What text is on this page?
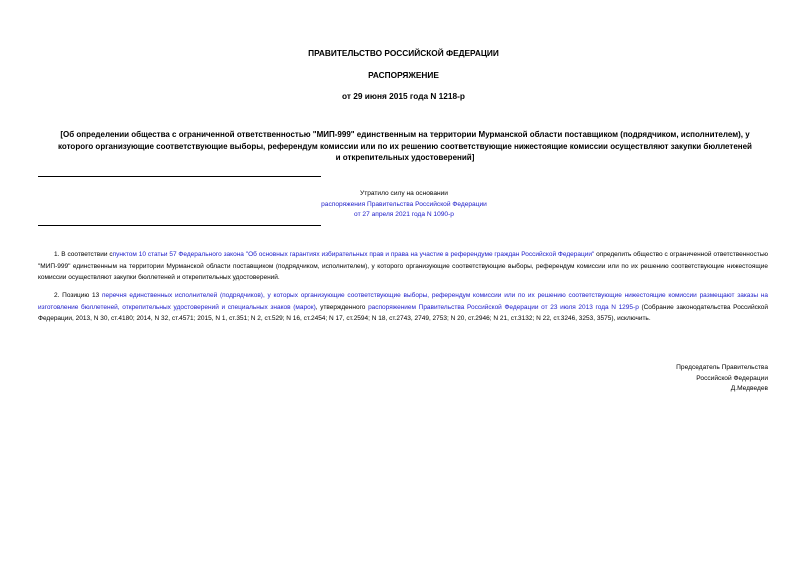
ПРАВИТЕЛЬСТВО РОССИЙСКОЙ ФЕДЕРАЦИИ

РАСПОРЯЖЕНИЕ

от 29 июня 2015 года N 1218-р

[Об определении общества с ограниченной ответственностью "МИП-999" единственным на территории Мурманской области поставщиком (подрядчиком, исполнителем), у которого организующие соответствующие выборы, референдум комиссии или по их решению соответствующие нижестоящие комиссии осуществляют закупки бюллетеней и открепительных удостоверений]

Утратило силу на основании
распоряжения Правительства Российской Федерации
от 27 апреля 2021 года N 1090-р

1. В соответствии спунктом 10 статьи 57 Федерального закона "Об основных гарантиях избирательных прав и права на участие в референдуме граждан Российской Федерации" определить общество с ограниченной ответственностью "МИП-999" единственным на территории Мурманской области поставщиком (подрядчиком, исполнителем), у которого организующие соответствующие выборы, референдум комиссии или по их решению соответствующие нижестоящие комиссии осуществляют закупки бюллетеней и открепительных удостоверений.

2. Позицию 13 перечня единственных исполнителей (подрядчиков), у которых организующие соответствующие выборы, референдум комиссии или по их решению соответствующие нижестоящие комиссии размещают заказы на изготовление бюллетеней, открепительных удостоверений и специальных знаков (марок), утвержденного распоряжением Правительства Российской Федерации от 23 июля 2013 года N 1295-р (Собрание законодательства Российской Федерации, 2013, N 30, ст.4180; 2014, N 32, ст.4571; 2015, N 1, ст.351; N 2, ст.529; N 16, ст.2454; N 17, ст.2594; N 18, ст.2743, 2749, 2753; N 20, ст.2946; N 21, ст.3132; N 22, ст.3246, 3253, 3575), исключить.

Председатель Правительства
Российской Федерации
Д.Медведев
